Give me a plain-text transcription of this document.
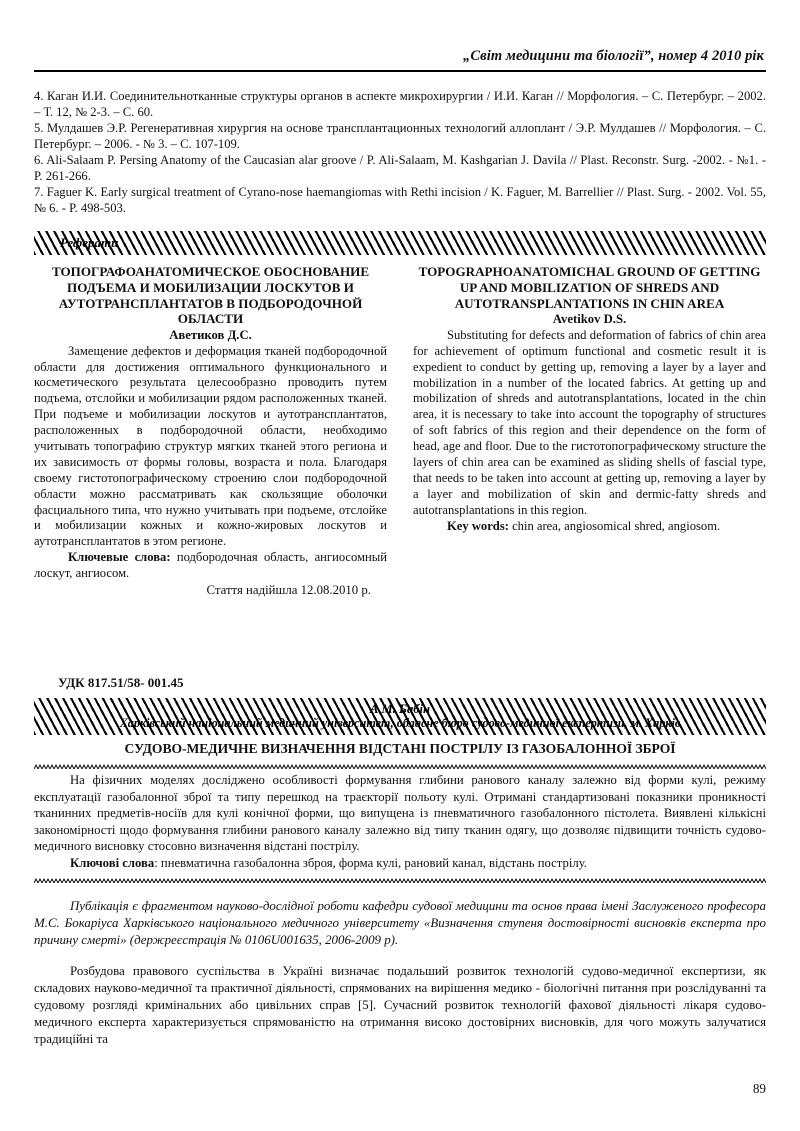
„Світ медицини та біології”, номер 4 2010 рік

4. Каган И.И. Соединительнотканные структуры органов в аспекте микрохирургии / И.И. Каган // Морфология. – С. Петербург. – 2002. – Т. 12, № 2-3. – С. 60.

5. Мулдашев Э.Р. Регенеративная хирургия на основе трансплантационных технологий аллоплант / Э.Р. Мулдашев // Морфология. – С. Петербург. – 2006. - № 3. – С. 107-109.

6. Ali-Salaam P. Persing Anatomy of the Caucasian alar groove / P. Ali-Salaam, M. Kashgarian J. Davila // Plast. Reconstr. Surg. -2002. - №1. - Р. 261-266.

7. Faguer K. Early surgical treatment of Cyrano-nose haemangiomas with Rethi incision / K. Faguer, M. Barrellier // Plast. Surg. - 2002. Vol. 55, № 6. - Р. 498-503.

Реферати

ТОПОГРАФОАНАТОМИЧЕСКОЕ ОБОСНОВАНИЕ ПОДЪЕМА И МОБИЛИЗАЦИИ ЛОСКУТОВ И АУТОТРАНСПЛАНТАТОВ В ПОДБОРОДОЧНОЙ ОБЛАСТИ

Аветиков Д.С.

Замещение дефектов и деформация тканей подбородочной области для достижения оптимального функционального и косметического результата целесообразно проводить путем подъема, отслойки и мобилизации рядом расположенных тканей. При подъеме и мобилизации лоскутов и аутотрансплантатов, расположенных в подбородочной области, необходимо учитывать топографию структур мягких тканей этого региона и их зависимость от формы головы, возраста и пола. Благодаря своему гистотопографическому строению слои подбородочной области можно рассматривать как скользящие оболочки фасциального типа, что нужно учитывать при подъеме, отслойке и мобилизации кожных и кожно-жировых лоскутов и аутотрансплантатов в этом регионе.

Ключевые слова: подбородочная область, ангиосомный лоскут, ангиосом.

Стаття надійшла 12.08.2010 р.

TOPOGRAPHOANATOMICHAL GROUND OF GETTING UP AND MOBILIZATION OF SHREDS AND AUTOTRANSPLANTATIONS IN CHIN AREA

Avetikov D.S.

Substituting for defects and deformation of fabrics of chin area for achievement of optimum functional and cosmetic result it is expedient to conduct by getting up, removing a layer by a layer and mobilization in a number of the located fabrics. At getting up and mobilization of shreds and autotransplantations, located in the chin area, it is necessary to take into account the topography of structures of soft fabrics of this region and their dependence on the form of head, age and floor. Due to the гистотопографическому structure the layers of chin area can be examined as sliding shells of fascial type, that needs to be taken into account at getting up, removing a layer by a layer and mobilization of skin and dermic-fatty shreds and autotransplantations in this region.

Key words: chin area, angiosomical shred, angiosom.

УДК 817.51/58- 001.45

А.М. Бабін
Харківський національний медичний університет, обласне бюро судово-медичної експертизи, м. Харків

СУДОВО-МЕДИЧНЕ ВИЗНАЧЕННЯ ВІДСТАНІ ПОСТРІЛУ ІЗ ГАЗОБАЛОННОЇ ЗБРОЇ

На фізичних моделях досліджено особливості формування глибини ранового каналу залежно від форми кулі, режиму експлуатації газобалонної зброї та типу перешкод на траєкторії польоту кулі. Отримані стандартизовані показники проникності тканинних предметів-носіїв для кулі конічної форми, що випущена із пневматичного газобалонного пістолета. Виявлені кількісні закономірності щодо формування глибини ранового каналу залежно від типу тканин одягу, що дозволяє підвищити точність судово-медичного висновку стосовно визначення відстані пострілу.

Ключові слова: пневматична газобалонна зброя, форма кулі, рановий канал, відстань пострілу.

Публікація є фрагментом науково-дослідної роботи кафедри судової медицини та основ права імені Заслуженого професора М.С. Бокаріуса Харківського національного медичного університету «Визначення ступеня достовірності висновків експерта про причину смерті» (держреєстрація № 0106U001635, 2006-2009 р).

Розбудова правового суспільства в Україні визначає подальший розвиток технологій судово-медичної експертизи, як складових науково-медичної та практичної діяльності, спрямованих на вирішення медико - біологічні питання при розслідуванні та судовому розгляді кримінальних або цивільних справ [5]. Сучасний розвиток технологій фахової діяльності лікаря судово-медичного експерта характеризується спрямованістю на отримання високо достовірних висновків, для чого можуть залучатися традиційні та

89
